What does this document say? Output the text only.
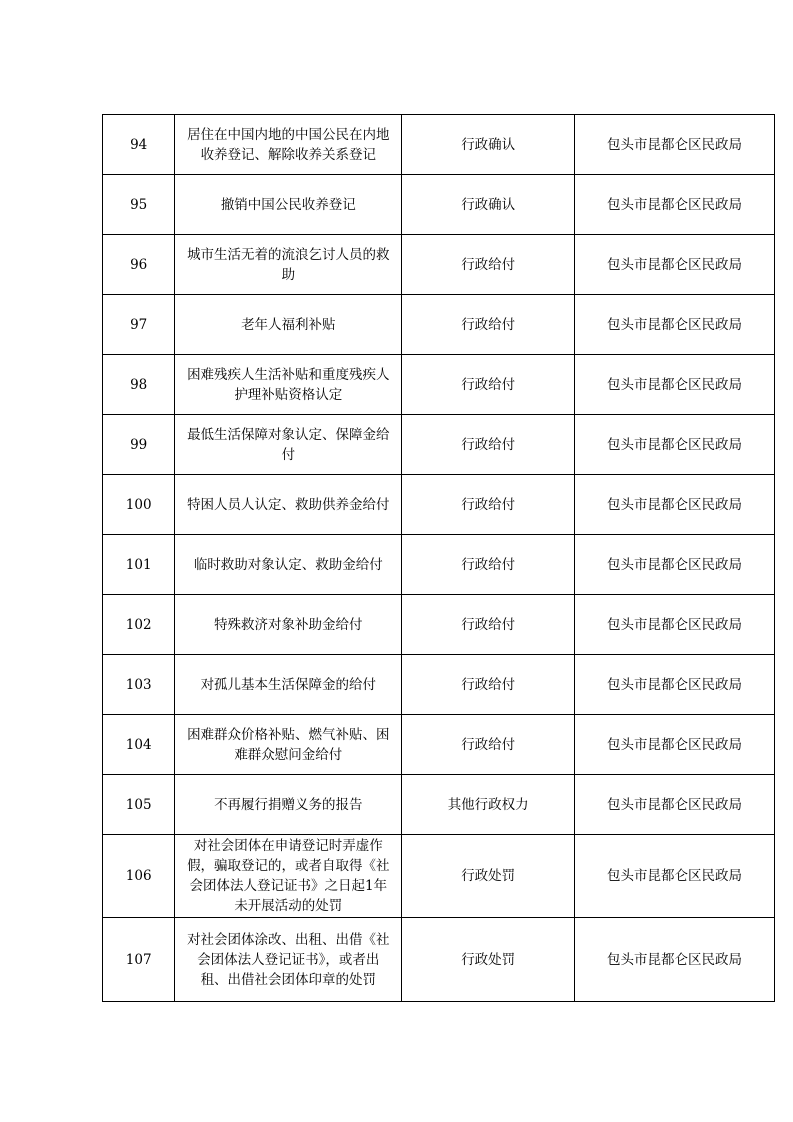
94	居住在中国内地的中国公民在内地收养登记、解除收养关系登记	行政确认	包头市昆都仑区民政局
95	撤销中国公民收养登记	行政确认	包头市昆都仑区民政局
96	城市生活无着的流浪乞讨人员的救助	行政给付	包头市昆都仑区民政局
97	老年人福利补贴	行政给付	包头市昆都仑区民政局
98	困难残疾人生活补贴和重度残疾人护理补贴资格认定	行政给付	包头市昆都仑区民政局
99	最低生活保障对象认定、保障金给付	行政给付	包头市昆都仑区民政局
100	特困人员人认定、救助供养金给付	行政给付	包头市昆都仑区民政局
101	临时救助对象认定、救助金给付	行政给付	包头市昆都仑区民政局
102	特殊救济对象补助金给付	行政给付	包头市昆都仑区民政局
103	对孤儿基本生活保障金的给付	行政给付	包头市昆都仑区民政局
104	困难群众价格补贴、燃气补贴、困难群众慰问金给付	行政给付	包头市昆都仑区民政局
105	不再履行捐赠义务的报告	其他行政权力	包头市昆都仑区民政局
106	对社会团体在申请登记时弄虚作假，骗取登记的，或者自取得《社会团体法人登记证书》之日起1年未开展活动的处罚	行政处罚	包头市昆都仑区民政局
107	对社会团体涂改、出租、出借《社会团体法人登记证书》，或者出租、出借社会团体印章的处罚	行政处罚	包头市昆都仑区民政局
